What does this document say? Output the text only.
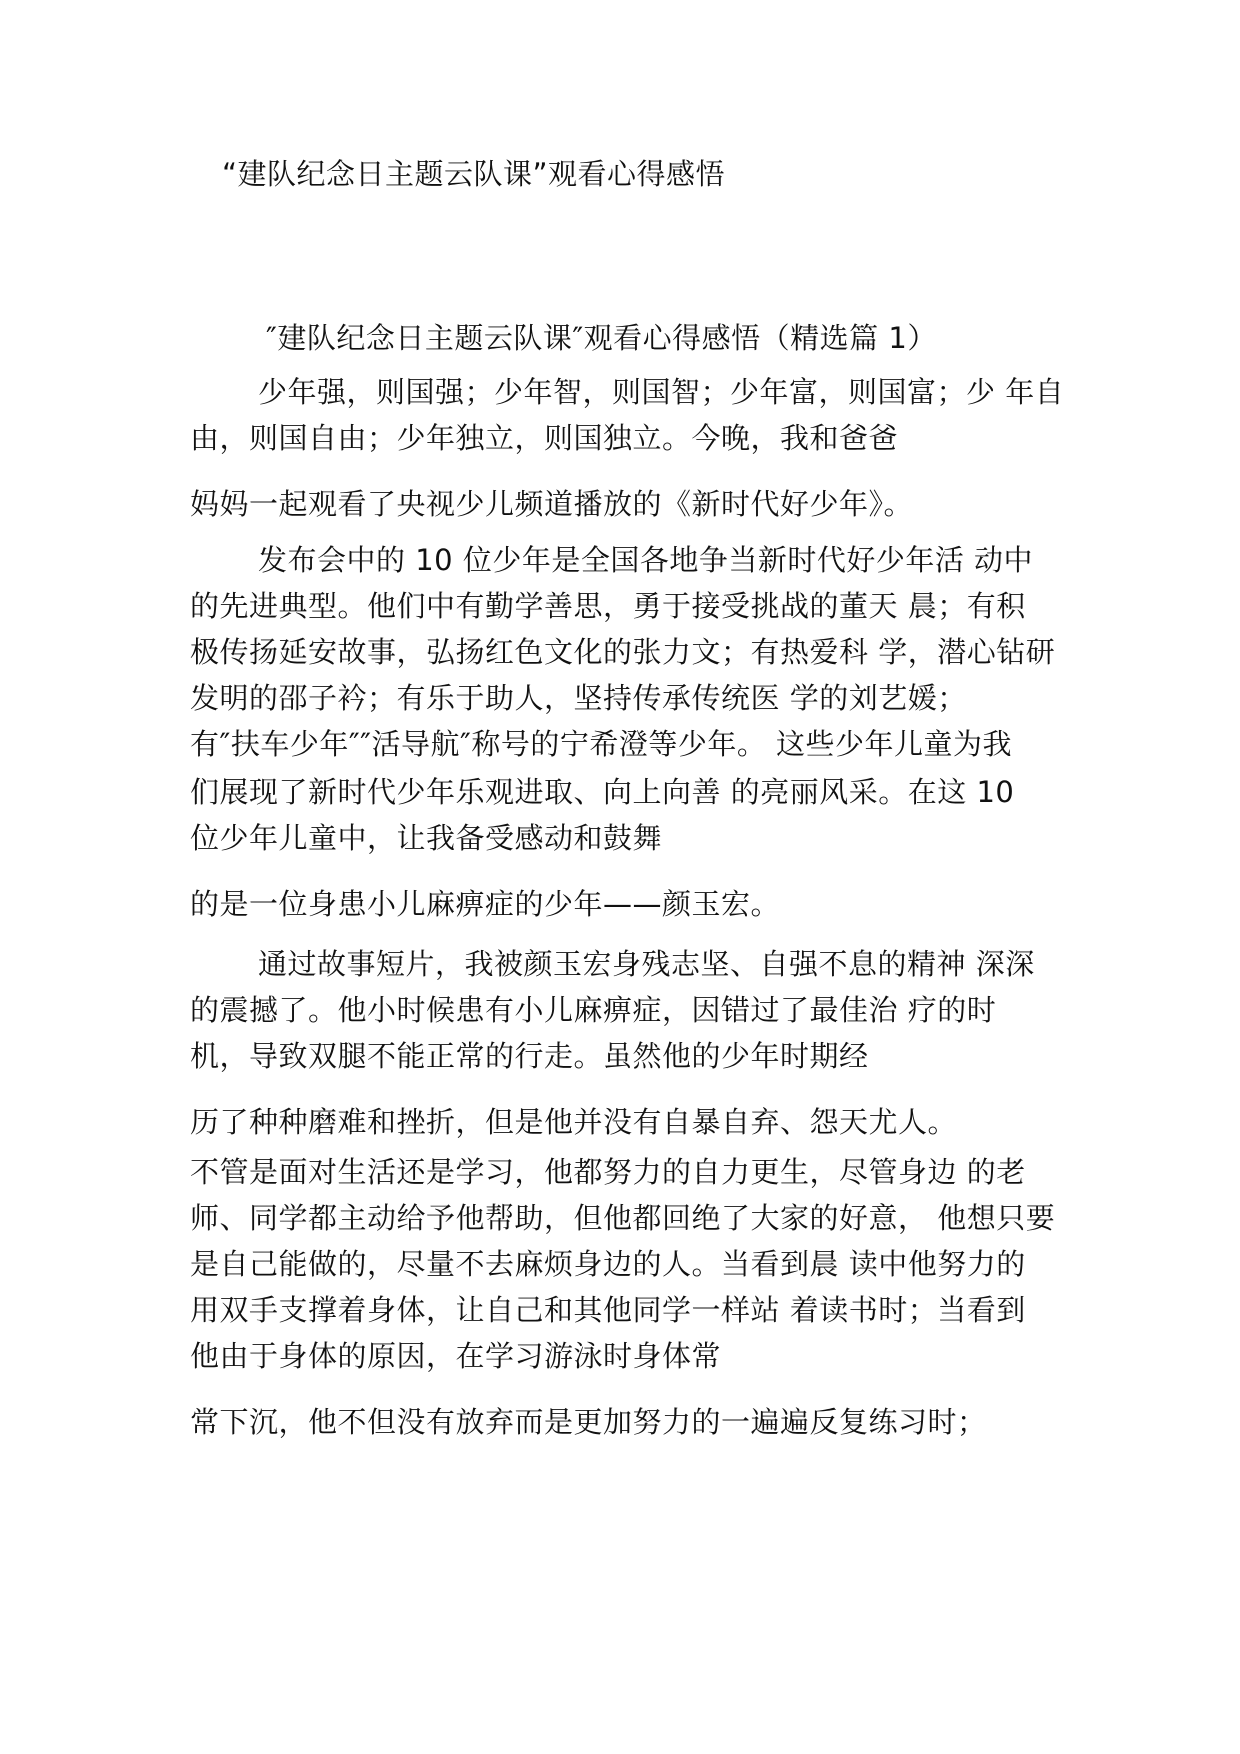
“建队纪念日主题云队课”观看心得感悟
″建队纪念日主题云队课″观看心得感悟（精选篇 1）
少年强，则国强；少年智，则国智；少年富，则国富；少 年自
由，则国自由；少年独立，则国独立。今晚，我和爸爸
妈妈一起观看了央视少儿频道播放的《新时代好少年》。
发布会中的 10 位少年是全国各地争当新时代好少年活 动中
的先进典型。他们中有勤学善思，勇于接受挑战的董天 晨；有积
极传扬延安故事，弘扬红色文化的张力文；有热爱科 学，潜心钻研
发明的邵子衿；有乐于助人，坚持传承传统医 学的刘艺媛；
有″扶车少年″″活导航″称号的宁希澄等少年。 这些少年儿童为我
们展现了新时代少年乐观进取、向上向善 的亮丽风采。在这 10
位少年儿童中，让我备受感动和鼓舞
的是一位身患小儿麻痹症的少年——颜玉宏。
通过故事短片，我被颜玉宏身残志坚、自强不息的精神 深深
的震撼了。他小时候患有小儿麻痹症，因错过了最佳治 疗的时
机，导致双腿不能正常的行走。虽然他的少年时期经
历了种种磨难和挫折，但是他并没有自暴自弃、怨天尤人。
不管是面对生活还是学习，他都努力的自力更生，尽管身边 的老
师、同学都主动给予他帮助，但他都回绝了大家的好意， 他想只要
是自己能做的，尽量不去麻烦身边的人。当看到晨 读中他努力的
用双手支撑着身体，让自己和其他同学一样站 着读书时；当看到
他由于身体的原因，在学习游泳时身体常
常下沉，他不但没有放弃而是更加努力的一遍遍反复练习时；
